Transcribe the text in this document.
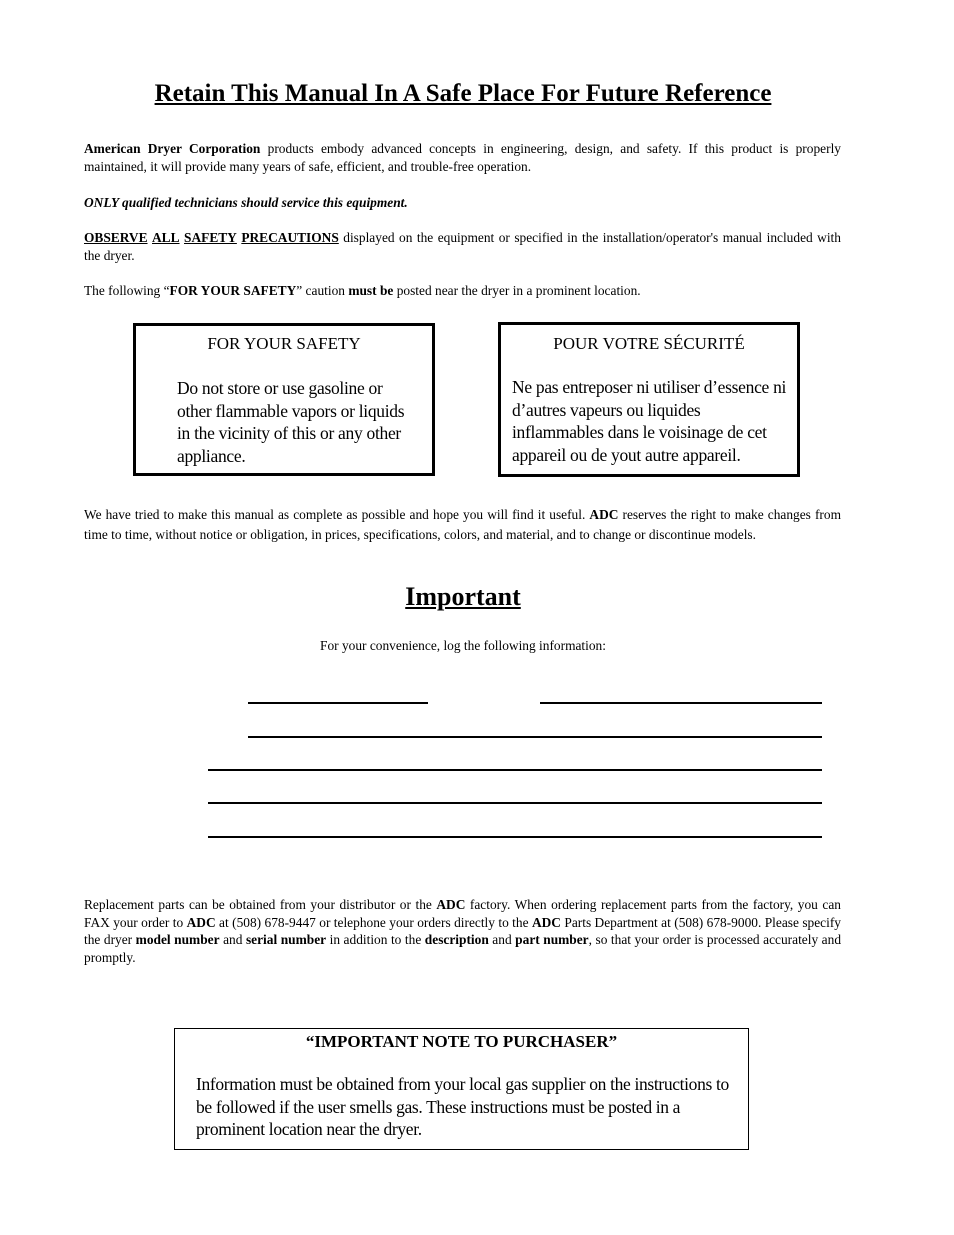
Retain This Manual In A Safe Place For Future Reference
American Dryer Corporation products embody advanced concepts in engineering, design, and safety. If this product is properly maintained, it will provide many years of safe, efficient, and trouble-free operation.
ONLY qualified technicians should service this equipment.
OBSERVE ALL SAFETY PRECAUTIONS displayed on the equipment or specified in the installation/operator's manual included with the dryer.
The following “FOR YOUR SAFETY” caution must be posted near the dryer in a prominent location.
FOR YOUR SAFETY
Do not store or use gasoline or other flammable vapors or liquids in the vicinity of this or any other appliance.
POUR VOTRE SÉCURITÉ
Ne pas entreposer ni utiliser d’essence ni d’autres vapeurs ou liquides inflammables dans le voisinage de cet appareil ou de yout autre appareil.
We have tried to make this manual as complete as possible and hope you will find it useful. ADC reserves the right to make changes from time to time, without notice or obligation, in prices, specifications, colors, and material, and to change or discontinue models.
Important
For your convenience, log the following information:
Replacement parts can be obtained from your distributor or the ADC factory. When ordering replacement parts from the factory, you can FAX your order to ADC at (508) 678-9447 or telephone your orders directly to the ADC Parts Department at (508) 678-9000. Please specify the dryer model number and serial number in addition to the description and part number, so that your order is processed accurately and promptly.
“IMPORTANT NOTE TO PURCHASER”
Information must be obtained from your local gas supplier on the instructions to be followed if the user smells gas. These instructions must be posted in a prominent location near the dryer.
